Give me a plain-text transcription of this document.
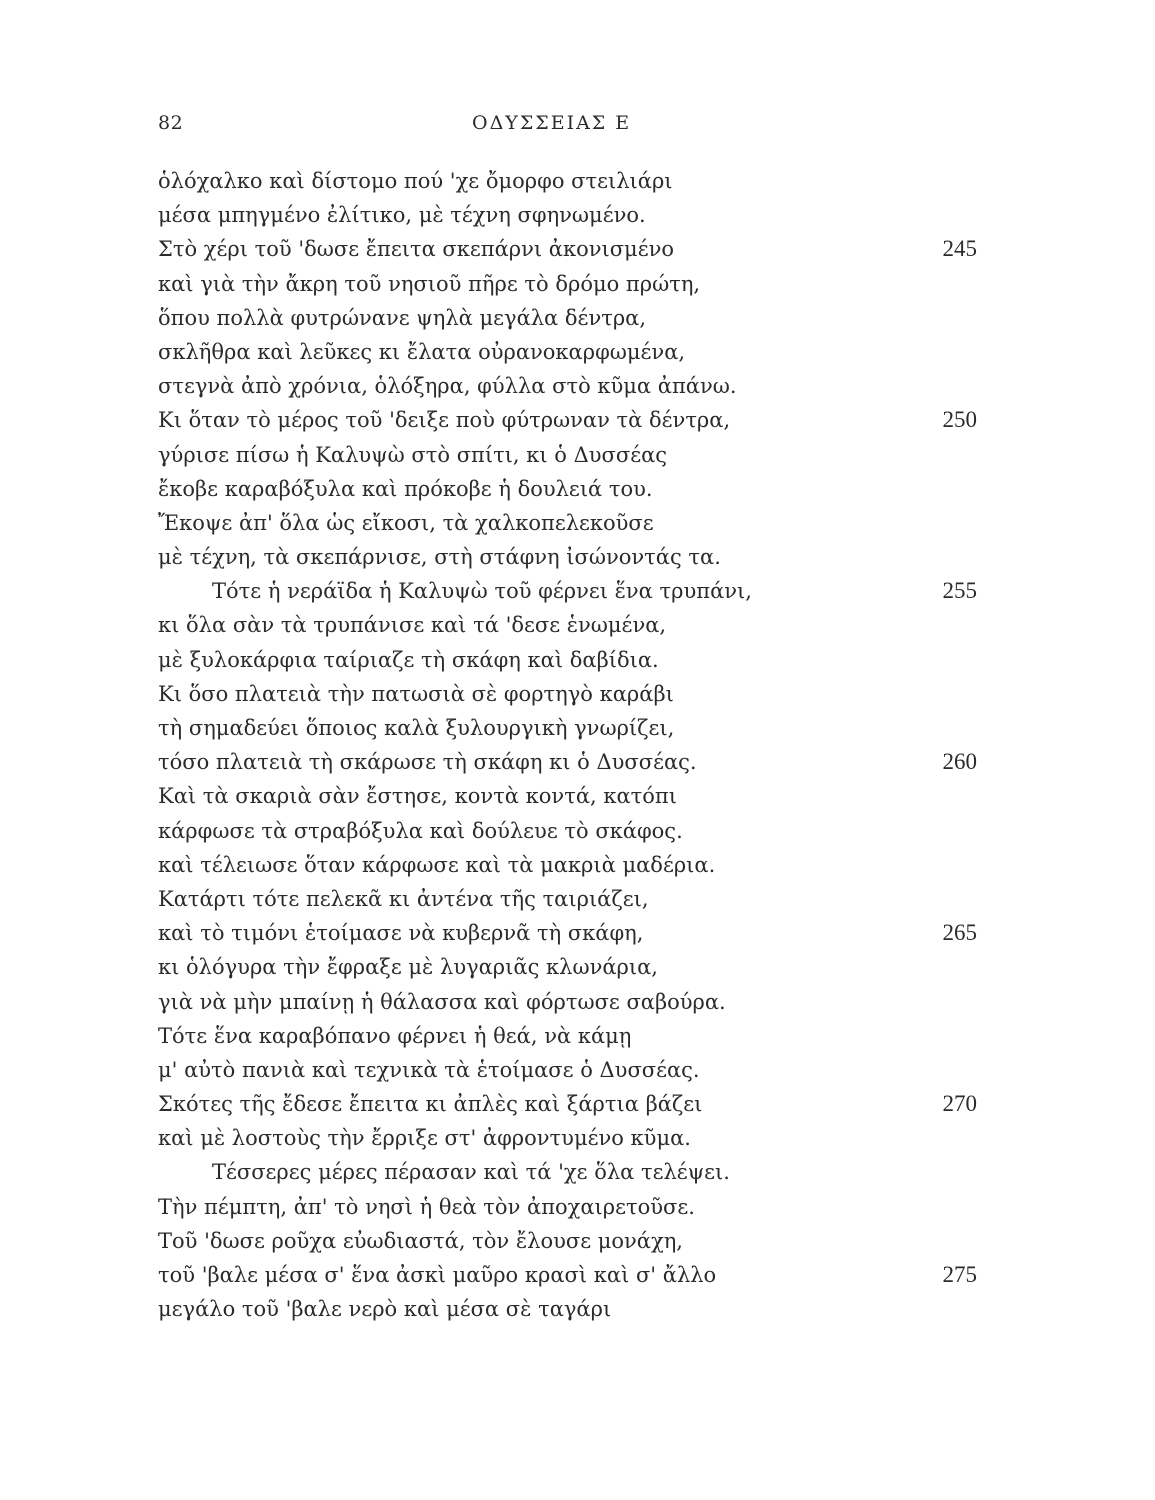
82	ΟΔΥΣΣΕΙΑΣ Ε
ὁλόχαλκο καὶ δίστομο πού 'χε ὄμορφο στειλιάρι
μέσα μπηγμένο ἐλίτικο, μὲ τέχνη σφηνωμένο.
Στὸ χέρι τοῦ 'δωσε ἔπειτα σκεπάρνι ἀκονισμένο	245
καὶ γιὰ τὴν ἄκρη τοῦ νησιοῦ πῆρε τὸ δρόμο πρώτη,
ὅπου πολλὰ φυτρώνανε ψηλὰ μεγάλα δέντρα,
σκλῆθρα καὶ λεῦκες κι ἔλατα οὐρανοκαρφωμένα,
στεγνὰ ἀπὸ χρόνια, ὁλόξηρα, φύλλα στὸ κῦμα ἀπάνω.
Κι ὅταν τὸ μέρος τοῦ 'δειξε ποὺ φύτρωναν τὰ δέντρα,	250
γύρισε πίσω ἡ Καλυψὼ στὸ σπίτι, κι ὁ Δυσσέας
ἔκοβε καραβόξυλα καὶ πρόκοβε ἡ δουλειά του.
Ἔκοψε ἀπ' ὅλα ὡς εἴκοσι, τὰ χαλκοπελεκοῦσε
μὲ τέχνη, τὰ σκεπάρνισε, στὴ στάφνη ἰσώνοντάς τα.
Τότε ἡ νεράϊδα ἡ Καλυψὼ τοῦ φέρνει ἕνα τρυπάνι,	255
κι ὅλα σὰν τὰ τρυπάνισε καὶ τά 'δεσε ἑνωμένα,
μὲ ξυλοκάρφια ταίριαζε τὴ σκάφη καὶ δαβίδια.
Κι ὅσο πλατειὰ τὴν πατωσιὰ σὲ φορτηγὸ καράβι
τὴ σημαδεύει ὅποιος καλὰ ξυλουργικὴ γνωρίζει,
τόσο πλατειὰ τὴ σκάρωσε τὴ σκάφη κι ὁ Δυσσέας.	260
Καὶ τὰ σκαριὰ σὰν ἔστησε, κοντὰ κοντά, κατόπι
κάρφωσε τὰ στραβόξυλα καὶ δούλευε τὸ σκάφος.
καὶ τέλειωσε ὅταν κάρφωσε καὶ τὰ μακριὰ μαδέρια.
Κατάρτι τότε πελεκᾶ κι ἀντένα τῆς ταιριάζει,
καὶ τὸ τιμόνι ἑτοίμασε νὰ κυβερνᾶ τὴ σκάφη,	265
κι ὁλόγυρα τὴν ἔφραξε μὲ λυγαριᾶς κλωνάρια,
γιὰ νὰ μὴν μπαίνῃ ἡ θάλασσα καὶ φόρτωσε σαβούρα.
Τότε ἕνα καραβόπανο φέρνει ἡ θεά, νὰ κάμῃ
μ' αὐτὸ πανιὰ καὶ τεχνικὰ τὰ ἑτοίμασε ὁ Δυσσέας.
Σκότες τῆς ἔδεσε ἔπειτα κι ἀπλὲς καὶ ξάρτια βάζει	270
καὶ μὲ λοστοὺς τὴν ἔρριξε στ' ἀφροντυμένο κῦμα.
Τέσσερες μέρες πέρασαν καὶ τά 'χε ὅλα τελέψει.
Τὴν πέμπτη, ἀπ' τὸ νησὶ ἡ θεὰ τὸν ἀποχαιρετοῦσε.
Τοῦ 'δωσε ροῦχα εὐωδιαστά, τὸν ἔλουσε μονάχη,
τοῦ 'βαλε μέσα σ' ἕνα ἀσκὶ μαῦρο κρασὶ καὶ σ' ἄλλο	275
μεγάλο τοῦ 'βαλε νερὸ καὶ μέσα σὲ ταγάρι
